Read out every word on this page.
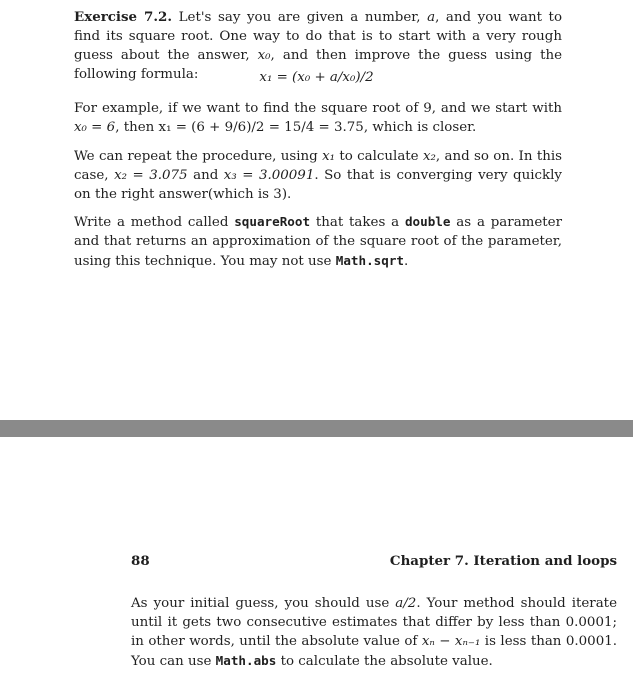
Exercise 7.2. Let's say you are given a number, a, and you want to find its square root. One way to do that is to start with a very rough guess about the answer, x₀, and then improve the guess using the following formula:	x₁ = (x₀ + a/x₀)/2
For example, if we want to find the square root of 9, and we start with x₀ = 6, then x₁ = (6 + 9/6)/2 = 15/4 = 3.75, which is closer.
We can repeat the procedure, using x₁ to calculate x₂, and so on. In this case, x₂ = 3.075 and x₃ = 3.00091. So that is converging very quickly on the right answer(which is 3).
Write a method called squareRoot that takes a double as a parameter and that returns an approximation of the square root of the parameter, using this technique. You may not use Math.sqrt.
88	Chapter 7. Iteration and loops
As your initial guess, you should use a/2. Your method should iterate until it gets two consecutive estimates that differ by less than 0.0001; in other words, until the absolute value of xₙ − xₙ₋₁ is less than 0.0001. You can use Math.abs to calculate the absolute value.
